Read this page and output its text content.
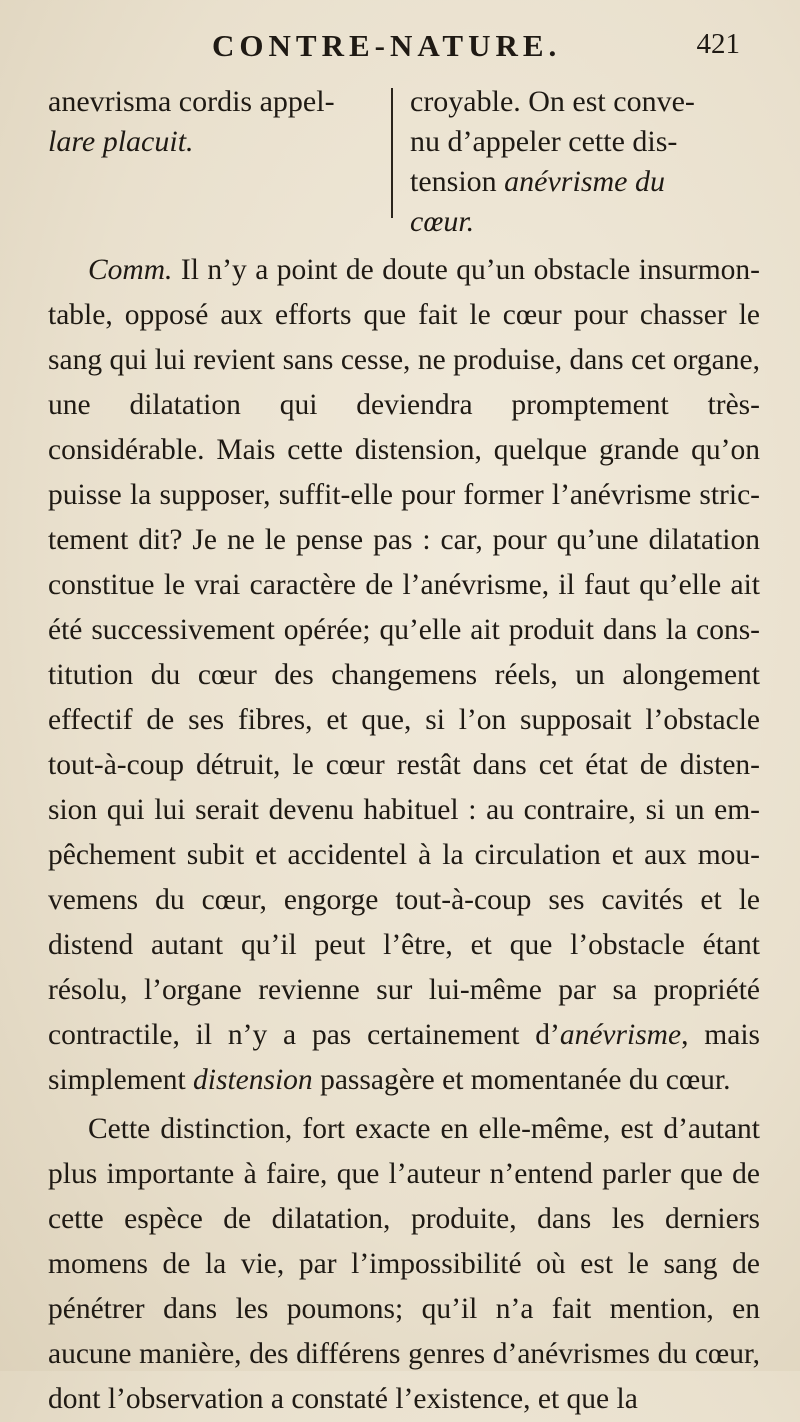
CONTRE-NATURE.	421
anevrisma cordis appel-
lare placuit.
croyable. On est conve-
nu d’appeler cette dis-
tension anévrisme du
cœur.

Comm. Il n’y a point de doute qu’un obstacle insurmon- table, opposé aux efforts que fait le cœur pour chasser le sang qui lui revient sans cesse, ne produise, dans cet organe, une dilatation qui deviendra promptement très- considérable. Mais cette distension, quelque grande qu’on puisse la supposer, suffit-elle pour former l’anévrisme stric- tement dit? Je ne le pense pas : car, pour qu’une dilatation constitue le vrai caractère de l’anévrisme, il faut qu’elle ait été successivement opérée; qu’elle ait produit dans la cons- titution du cœur des changemens réels, un alongement effectif de ses fibres, et que, si l’on supposait l’obstacle tout-à-coup détruit, le cœur restât dans cet état de disten- sion qui lui serait devenu habituel : au contraire, si un em- pêchement subit et accidentel à la circulation et aux mou- vemens du cœur, engorge tout-à-coup ses cavités et le distend autant qu’il peut l’être, et que l’obstacle étant résolu, l’organe revienne sur lui-même par sa propriété contractile, il n’y a pas certainement d’anévrisme, mais simplement distension passagère et momentanée du cœur.

Cette distinction, fort exacte en elle-même, est d’autant plus importante à faire, que l’auteur n’entend parler que de cette espèce de dilatation, produite, dans les derniers momens de la vie, par l’impossibilité où est le sang de pénétrer dans les poumons; qu’il n’a fait mention, en aucune manière, des différens genres d’anévrismes du cœur, dont l’observation a constaté l’existence, et que la
